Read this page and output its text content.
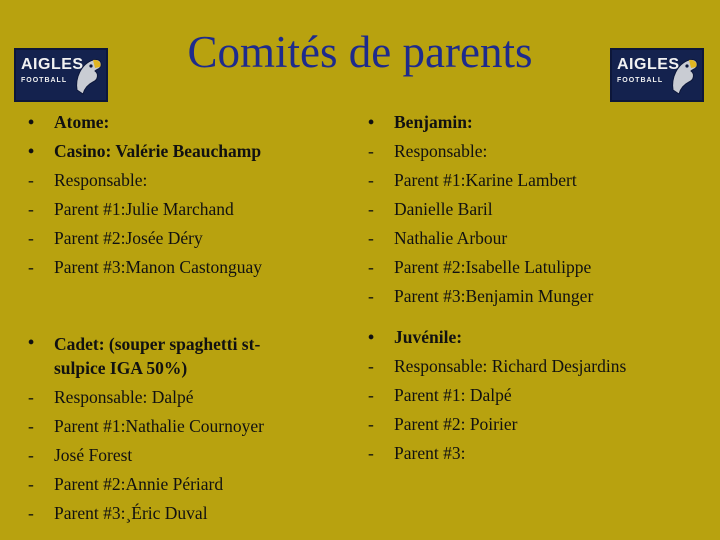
Comités de parents
AIGLES
FOOTBALL
AIGLES
FOOTBALL
•	Atome:
•	Casino: Valérie Beauchamp
-	Responsable:
-	Parent #1:Julie Marchand
-	Parent #2:Josée Déry
-	Parent #3:Manon Castonguay
•	Benjamin:
-	Responsable:
-	Parent #1:Karine Lambert
-	Danielle Baril
-	Nathalie Arbour
-	Parent #2:Isabelle Latulippe
-	Parent #3:Benjamin Munger
•	Cadet: (souper spaghetti st-sulpice IGA 50%)
-	Responsable: Dalpé
-	Parent #1:Nathalie Cournoyer
-	José Forest
-	Parent #2:Annie Périard
-	Parent #3:¸Éric Duval
•	Juvénile:
-	Responsable: Richard Desjardins
-	Parent #1: Dalpé
-	Parent #2: Poirier
-	Parent #3:
